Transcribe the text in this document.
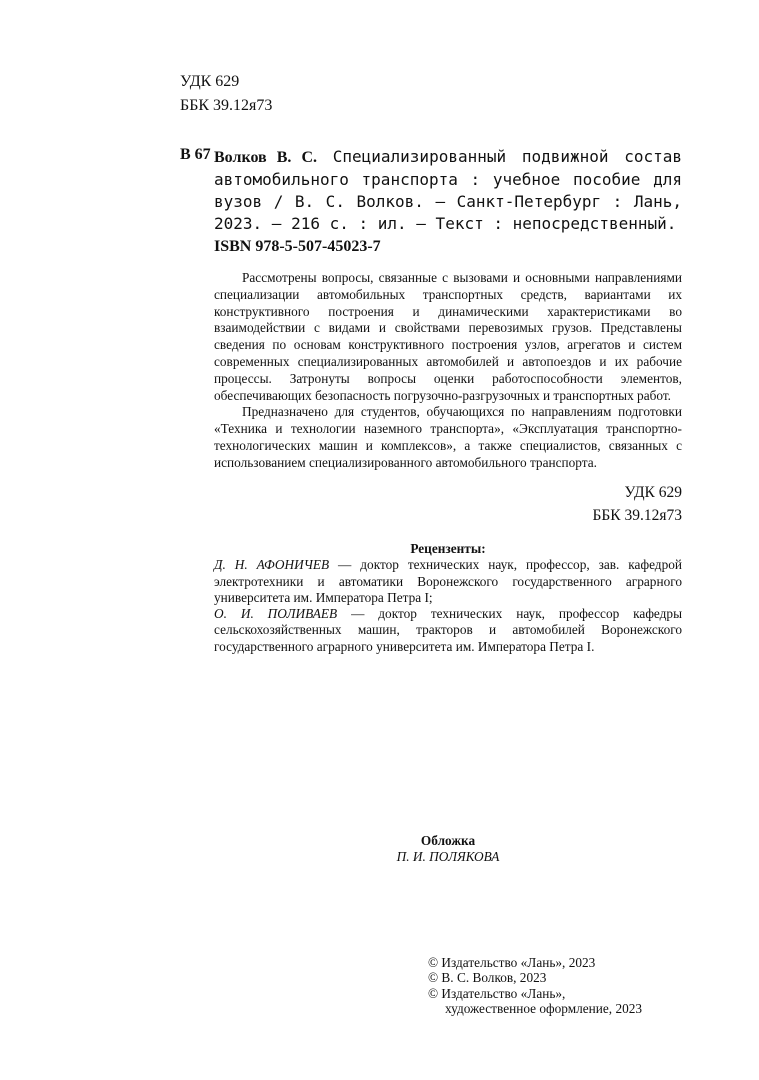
УДК 629
ББК 39.12я73
В 67 Волков В. С. Специализированный подвижной состав автомобильного транспорта : учебное пособие для вузов / В. С. Волков. — Санкт-Петербург : Лань, 2023. — 216 с. : ил. — Текст : непосредственный.
ISBN 978-5-507-45023-7

Рассмотрены вопросы, связанные с вызовами и основными направлениями специализации автомобильных транспортных средств, вариантами их конструктивного построения и динамическими характеристиками во взаимодействии с видами и свойствами перевозимых грузов. Представлены сведения по основам конструктивного построения узлов, агрегатов и систем современных специализированных автомобилей и автопоездов и их рабочие процессы. Затронуты вопросы оценки работоспособности элементов, обеспечивающих безопасность погрузочно-разгрузочных и транспортных работ.

Предназначено для студентов, обучающихся по направлениям подготовки «Техника и технологии наземного транспорта», «Эксплуатация транспортно-технологических машин и комплексов», а также специалистов, связанных с использованием специализированного автомобильного транспорта.

УДК 629
ББК 39.12я73
Рецензенты:

Д. Н. АФОНИЧЕВ — доктор технических наук, профессор, зав. кафедрой электротехники и автоматики Воронежского государственного аграрного университета им. Императора Петра I;

О. И. ПОЛИВАЕВ — доктор технических наук, профессор кафедры сельскохозяйственных машин, тракторов и автомобилей Воронежского государственного аграрного университета им. Императора Петра I.

Обложка
П. И. ПОЛЯКОВА
© Издательство «Лань», 2023
© В. С. Волков, 2023
© Издательство «Лань»,
художественное оформление, 2023
